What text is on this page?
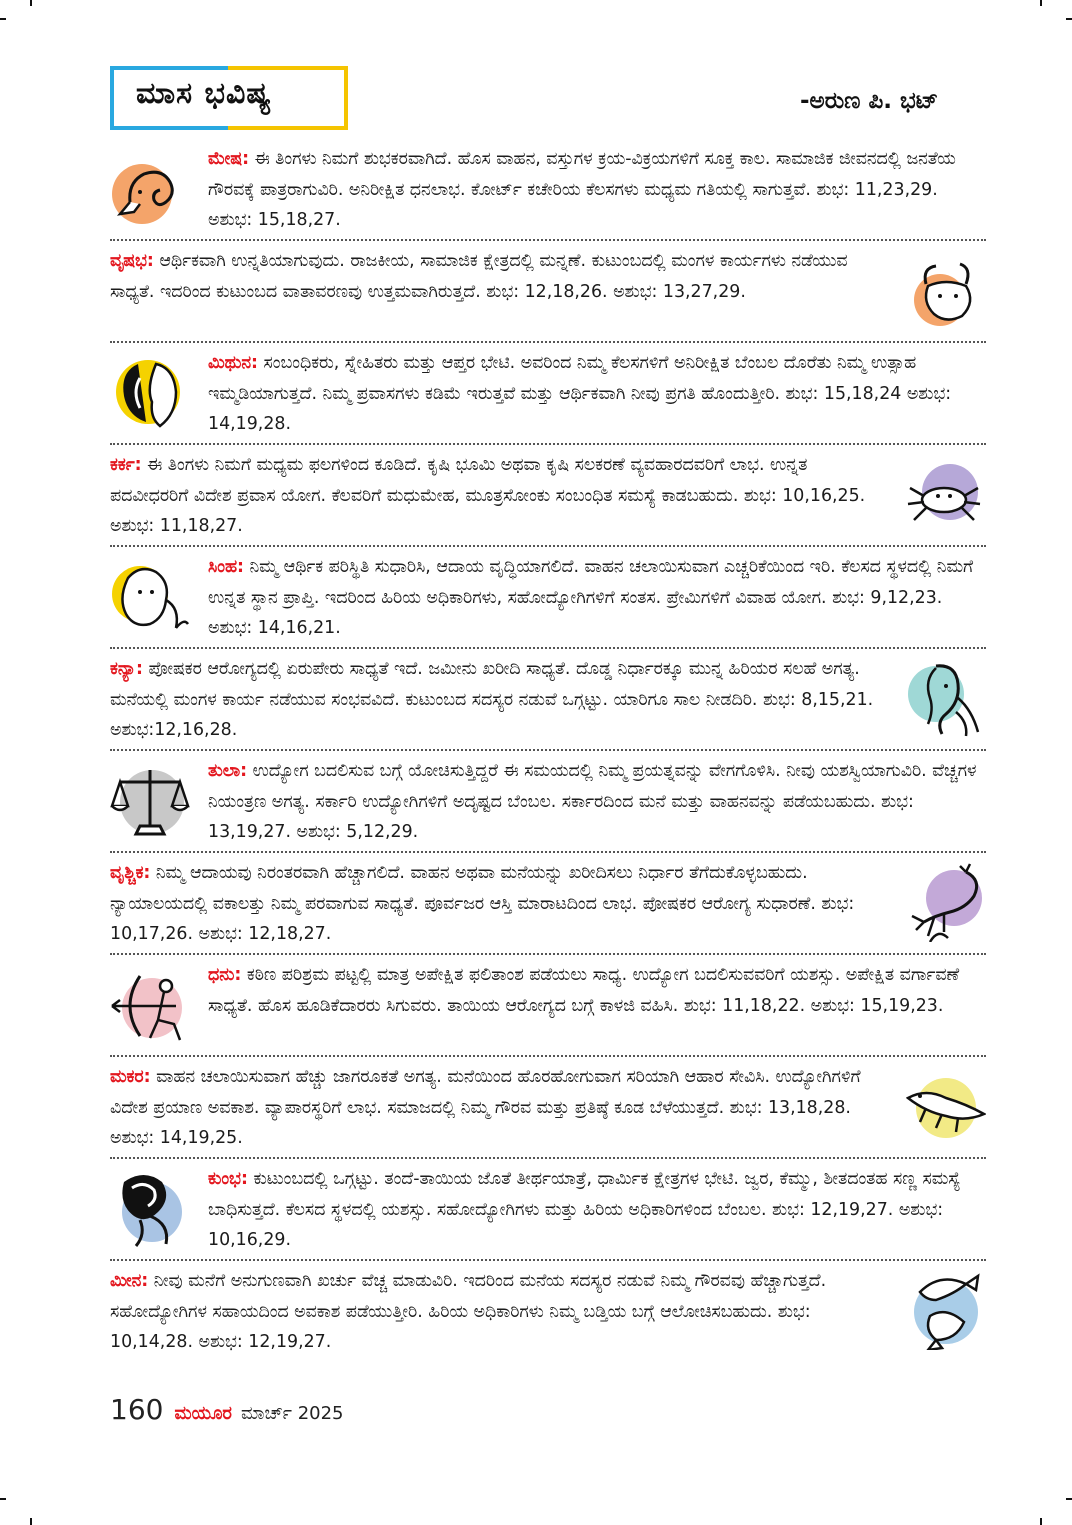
ಮಾಸ ಭವಿಷ್ಯ	-ಅರುಣ ಪಿ. ಭಟ್
ಮೇಷ: ಈ ತಿಂಗಳು ನಿಮಗೆ ಶುಭಕರವಾಗಿದೆ. ಹೊಸ ವಾಹನ, ವಸ್ತುಗಳ ಕ್ರಯ-ವಿಕ್ರಯಗಳಿಗೆ ಸೂಕ್ತ ಕಾಲ. ಸಾಮಾಜಿಕ ಜೀವನದಲ್ಲಿ ಜನತೆಯ ಗೌರವಕ್ಕೆ ಪಾತ್ರರಾಗುವಿರಿ. ಅನಿರೀಕ್ಷಿತ ಧನಲಾಭ. ಕೋರ್ಟ್ ಕಚೇರಿಯ ಕೆಲಸಗಳು ಮಧ್ಯಮ ಗತಿಯಲ್ಲಿ ಸಾಗುತ್ತವೆ. ಶುಭ: 11,23,29. ಅಶುಭ: 15,18,27.
ವೃಷಭ: ಆರ್ಥಿಕವಾಗಿ ಉನ್ನತಿಯಾಗುವುದು. ರಾಜಕೀಯ, ಸಾಮಾಜಿಕ ಕ್ಷೇತ್ರದಲ್ಲಿ ಮನ್ನಣೆ. ಕುಟುಂಬದಲ್ಲಿ ಮಂಗಳ ಕಾರ್ಯಗಳು ನಡೆಯುವ ಸಾಧ್ಯತೆ. ಇದರಿಂದ ಕುಟುಂಬದ ವಾತಾವರಣವು ಉತ್ತಮವಾಗಿರುತ್ತದೆ. ಶುಭ: 12,18,26. ಅಶುಭ: 13,27,29.
ಮಿಥುನ: ಸಂಬಂಧಿಕರು, ಸ್ನೇಹಿತರು ಮತ್ತು ಆಪ್ತರ ಭೇಟಿ. ಅವರಿಂದ ನಿಮ್ಮ ಕೆಲಸಗಳಿಗೆ ಅನಿರೀಕ್ಷಿತ ಬೆಂಬಲ ದೊರೆತು ನಿಮ್ಮ ಉತ್ಸಾಹ ಇಮ್ಮಡಿಯಾಗುತ್ತದೆ. ನಿಮ್ಮ ಪ್ರವಾಸಗಳು ಕಡಿಮೆ ಇರುತ್ತವೆ ಮತ್ತು ಆರ್ಥಿಕವಾಗಿ ನೀವು ಪ್ರಗತಿ ಹೊಂದುತ್ತೀರಿ. ಶುಭ: 15,18,24 ಅಶುಭ: 14,19,28.
ಕರ್ಕ: ಈ ತಿಂಗಳು ನಿಮಗೆ ಮಧ್ಯಮ ಫಲಗಳಿಂದ ಕೂಡಿದೆ. ಕೃಷಿ ಭೂಮಿ ಅಥವಾ ಕೃಷಿ ಸಲಕರಣೆ ವ್ಯವಹಾರದವರಿಗೆ ಲಾಭ. ಉನ್ನತ ಪದವೀಧರರಿಗೆ ವಿದೇಶ ಪ್ರವಾಸ ಯೋಗ. ಕೆಲವರಿಗೆ ಮಧುಮೇಹ, ಮೂತ್ರಸೋಂಕು ಸಂಬಂಧಿತ ಸಮಸ್ಯೆ ಕಾಡಬಹುದು. ಶುಭ: 10,16,25. ಅಶುಭ: 11,18,27.
ಸಿಂಹ: ನಿಮ್ಮ ಆರ್ಥಿಕ ಪರಿಸ್ಥಿತಿ ಸುಧಾರಿಸಿ, ಆದಾಯ ವೃದ್ಧಿಯಾಗಲಿದೆ. ವಾಹನ ಚಲಾಯಿಸುವಾಗ ಎಚ್ಚರಿಕೆಯಿಂದ ಇರಿ. ಕೆಲಸದ ಸ್ಥಳದಲ್ಲಿ ನಿಮಗೆ ಉನ್ನತ ಸ್ಥಾನ ಪ್ರಾಪ್ತಿ. ಇದರಿಂದ ಹಿರಿಯ ಅಧಿಕಾರಿಗಳು, ಸಹೋದ್ಯೋಗಿಗಳಿಗೆ ಸಂತಸ. ಪ್ರೇಮಿಗಳಿಗೆ ವಿವಾಹ ಯೋಗ. ಶುಭ: 9,12,23. ಅಶುಭ: 14,16,21.
ಕನ್ಯಾ: ಪೋಷಕರ ಆರೋಗ್ಯದಲ್ಲಿ ಏರುಪೇರು ಸಾಧ್ಯತೆ ಇದೆ. ಜಮೀನು ಖರೀದಿ ಸಾಧ್ಯತೆ. ದೊಡ್ಡ ನಿರ್ಧಾರಕ್ಕೂ ಮುನ್ನ ಹಿರಿಯರ ಸಲಹೆ ಅಗತ್ಯ. ಮನೆಯಲ್ಲಿ ಮಂಗಳ ಕಾರ್ಯ ನಡೆಯುವ ಸಂಭವವಿದೆ. ಕುಟುಂಬದ ಸದಸ್ಯರ ನಡುವೆ ಒಗ್ಗಟ್ಟು. ಯಾರಿಗೂ ಸಾಲ ನೀಡದಿರಿ. ಶುಭ: 8,15,21. ಅಶುಭ:12,16,28.
ತುಲಾ: ಉದ್ಯೋಗ ಬದಲಿಸುವ ಬಗ್ಗೆ ಯೋಚಿಸುತ್ತಿದ್ದರೆ ಈ ಸಮಯದಲ್ಲಿ ನಿಮ್ಮ ಪ್ರಯತ್ನವನ್ನು ವೇಗಗೊಳಿಸಿ. ನೀವು ಯಶಸ್ವಿಯಾಗುವಿರಿ. ವೆಚ್ಚಗಳ ನಿಯಂತ್ರಣ ಅಗತ್ಯ. ಸರ್ಕಾರಿ ಉದ್ಯೋಗಿಗಳಿಗೆ ಅದೃಷ್ಟದ ಬೆಂಬಲ. ಸರ್ಕಾರದಿಂದ ಮನೆ ಮತ್ತು ವಾಹನವನ್ನು ಪಡೆಯಬಹುದು. ಶುಭ: 13,19,27. ಅಶುಭ: 5,12,29.
ವೃಶ್ಚಿಕ: ನಿಮ್ಮ ಆದಾಯವು ನಿರಂತರವಾಗಿ ಹೆಚ್ಚಾಗಲಿದೆ. ವಾಹನ ಅಥವಾ ಮನೆಯನ್ನು ಖರೀದಿಸಲು ನಿರ್ಧಾರ ತೆಗೆದುಕೊಳ್ಳಬಹುದು. ನ್ಯಾಯಾಲಯದಲ್ಲಿ ವಕಾಲತ್ತು ನಿಮ್ಮ ಪರವಾಗುವ ಸಾಧ್ಯತೆ. ಪೂರ್ವಜರ ಆಸ್ತಿ ಮಾರಾಟದಿಂದ ಲಾಭ. ಪೋಷಕರ ಆರೋಗ್ಯ ಸುಧಾರಣೆ. ಶುಭ: 10,17,26. ಅಶುಭ: 12,18,27.
ಧನು: ಕಠಿಣ ಪರಿಶ್ರಮ ಪಟ್ಟಲ್ಲಿ ಮಾತ್ರ ಅಪೇಕ್ಷಿತ ಫಲಿತಾಂಶ ಪಡೆಯಲು ಸಾಧ್ಯ. ಉದ್ಯೋಗ ಬದಲಿಸುವವರಿಗೆ ಯಶಸ್ಸು. ಅಪೇಕ್ಷಿತ ವರ್ಗಾವಣೆ ಸಾಧ್ಯತೆ. ಹೊಸ ಹೂಡಿಕೆದಾರರು ಸಿಗುವರು. ತಾಯಿಯ ಆರೋಗ್ಯದ ಬಗ್ಗೆ ಕಾಳಜಿ ವಹಿಸಿ. ಶುಭ: 11,18,22. ಅಶುಭ: 15,19,23.
ಮಕರ: ವಾಹನ ಚಲಾಯಿಸುವಾಗ ಹೆಚ್ಚು ಜಾಗರೂಕತೆ ಅಗತ್ಯ. ಮನೆಯಿಂದ ಹೊರಹೋಗುವಾಗ ಸರಿಯಾಗಿ ಆಹಾರ ಸೇವಿಸಿ. ಉದ್ಯೋಗಿಗಳಿಗೆ ವಿದೇಶ ಪ್ರಯಾಣ ಅವಕಾಶ. ವ್ಯಾಪಾರಸ್ಥರಿಗೆ ಲಾಭ. ಸಮಾಜದಲ್ಲಿ ನಿಮ್ಮ ಗೌರವ ಮತ್ತು ಪ್ರತಿಷ್ಠೆ ಕೂಡ ಬೆಳೆಯುತ್ತದೆ. ಶುಭ: 13,18,28. ಅಶುಭ: 14,19,25.
ಕುಂಭ: ಕುಟುಂಬದಲ್ಲಿ ಒಗ್ಗಟ್ಟು. ತಂದೆ-ತಾಯಿಯ ಜೊತೆ ತೀರ್ಥಯಾತ್ರೆ, ಧಾರ್ಮಿಕ ಕ್ಷೇತ್ರಗಳ ಭೇಟಿ. ಜ್ವರ, ಕೆಮ್ಮು, ಶೀತದಂತಹ ಸಣ್ಣ ಸಮಸ್ಯೆ ಬಾಧಿಸುತ್ತದೆ. ಕೆಲಸದ ಸ್ಥಳದಲ್ಲಿ ಯಶಸ್ಸು. ಸಹೋದ್ಯೋಗಿಗಳು ಮತ್ತು ಹಿರಿಯ ಅಧಿಕಾರಿಗಳಿಂದ ಬೆಂಬಲ. ಶುಭ: 12,19,27. ಅಶುಭ: 10,16,29.
ಮೀನ: ನೀವು ಮನೆಗೆ ಅನುಗುಣವಾಗಿ ಖರ್ಚು ವೆಚ್ಚ ಮಾಡುವಿರಿ. ಇದರಿಂದ ಮನೆಯ ಸದಸ್ಯರ ನಡುವೆ ನಿಮ್ಮ ಗೌರವವು ಹೆಚ್ಚಾಗುತ್ತದೆ. ಸಹೋದ್ಯೋಗಿಗಳ ಸಹಾಯದಿಂದ ಅವಕಾಶ ಪಡೆಯುತ್ತೀರಿ. ಹಿರಿಯ ಅಧಿಕಾರಿಗಳು ನಿಮ್ಮ ಬಡ್ತಿಯ ಬಗ್ಗೆ ಆಲೋಚಿಸಬಹುದು. ಶುಭ: 10,14,28. ಅಶುಭ: 12,19,27.
160 ಮಯೂರ ಮಾರ್ಚ್ 2025
